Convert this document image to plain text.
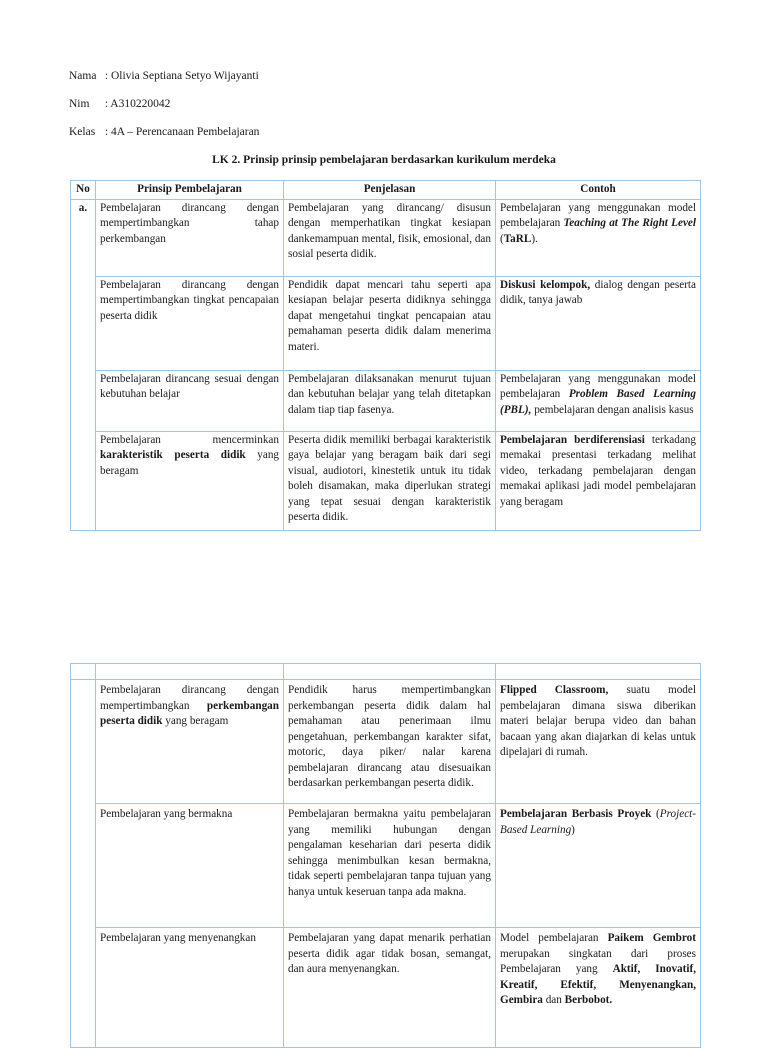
Nama : Olivia Septiana Setyo Wijayanti
Nim : A310220042
Kelas : 4A – Perencanaan Pembelajaran
LK 2. Prinsip prinsip pembelajaran berdasarkan kurikulum merdeka
No	Prinsip Pembelajaran	Penjelasan	Contoh
a.	Pembelajaran dirancang dengan mempertimbangkan tahap perkembangan	Pembelajaran yang dirancang/ disusun dengan memperhatikan tingkat kesiapan dankemampuan mental, fisik, emosional, dan sosial peserta didik.	Pembelajaran yang menggunakan model pembelajaran Teaching at The Right Level (TaRL).
	Pembelajaran dirancang dengan mempertimbangkan tingkat pencapaian peserta didik	Pendidik dapat mencari tahu seperti apa kesiapan belajar peserta didiknya sehingga dapat mengetahui tingkat pencapaian atau pemahaman peserta didik dalam menerima materi.	Diskusi kelompok, dialog dengan peserta didik, tanya jawab
	Pembelajaran dirancang sesuai dengan kebutuhan belajar	Pembelajaran dilaksanakan menurut tujuan dan kebutuhan belajar yang telah ditetapkan dalam tiap tiap fasenya.	Pembelajaran yang menggunakan model pembelajaran Problem Based Learning (PBL), pembelajaran dengan analisis kasus
	Pembelajaran mencerminkan karakteristik peserta didik yang beragam	Peserta didik memiliki berbagai karakteristik gaya belajar yang beragam baik dari segi visual, audiotori, kinestetik untuk itu tidak boleh disamakan, maka diperlukan strategi yang tepat sesuai dengan karakteristik peserta didik.	Pembelajaran berdiferensiasi terkadang memakai presentasi terkadang melihat video, terkadang pembelajaran dengan memakai aplikasi jadi model pembelajaran yang beragam

	Pembelajaran dirancang dengan mempertimbangkan perkembangan peserta didik yang beragam	Pendidik harus mempertimbangkan perkembangan peserta didik dalam hal pemahaman atau penerimaan ilmu pengetahuan, perkembangan karakter sifat, motoric, daya piker/ nalar karena pembelajaran dirancang atau disesuaikan berdasarkan perkembangan peserta didik.	Flipped Classroom, suatu model pembelajaran dimana siswa diberikan materi belajar berupa video dan bahan bacaan yang akan diajarkan di kelas untuk dipelajari di rumah.
	Pembelajaran yang bermakna	Pembelajaran bermakna yaitu pembelajaran yang memiliki hubungan dengan pengalaman keseharian dari peserta didik sehingga menimbulkan kesan bermakna, tidak seperti pembelajaran tanpa tujuan yang hanya untuk keseruan tanpa ada makna.	Pembelajaran Berbasis Proyek (Project-Based Learning)
	Pembelajaran yang menyenangkan	Pembelajaran yang dapat menarik perhatian peserta didik agar tidak bosan, semangat, dan aura menyenangkan.	Model pembelajaran Paikem Gembrot merupakan singkatan dari proses Pembelajaran yang Aktif, Inovatif, Kreatif, Efektif, Menyenangkan, Gembira dan Berbobot.
